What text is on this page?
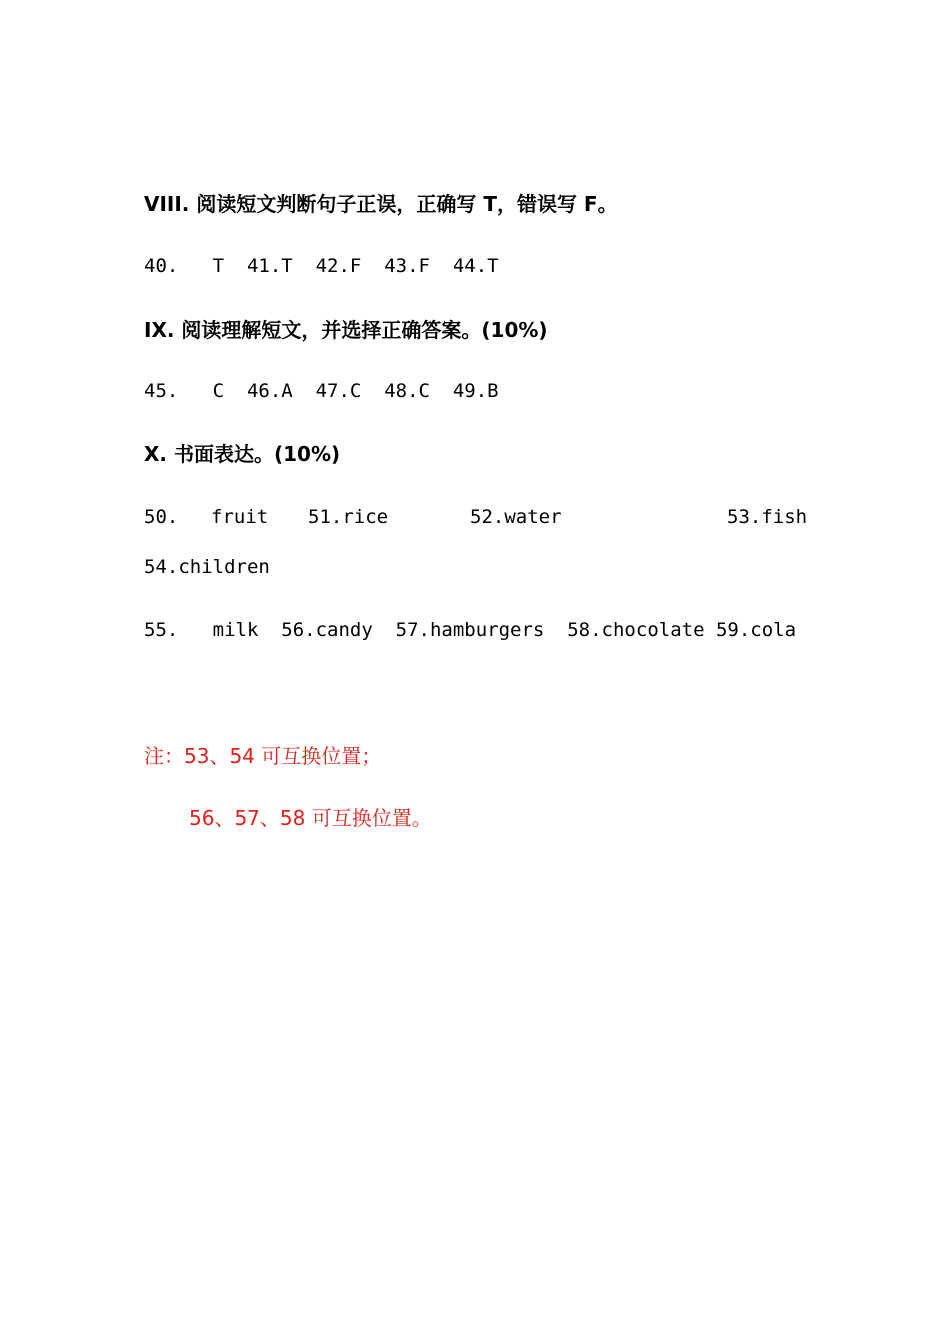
VIII. 阅读短文判断句子正误，正确写 T，错误写 F。
40.   T  41.T  42.F  43.F  44.T
IX. 阅读理解短文，并选择正确答案。(10%)
45.   C  46.A  47.C  48.C  49.B
X. 书面表达。(10%)
50. fruit 51.rice	52.water	53.fish
54.children
55.   milk  56.candy  57.hamburgers  58.chocolate 59.cola
注：53、54 可互换位置；
56、57、58 可互换位置。
